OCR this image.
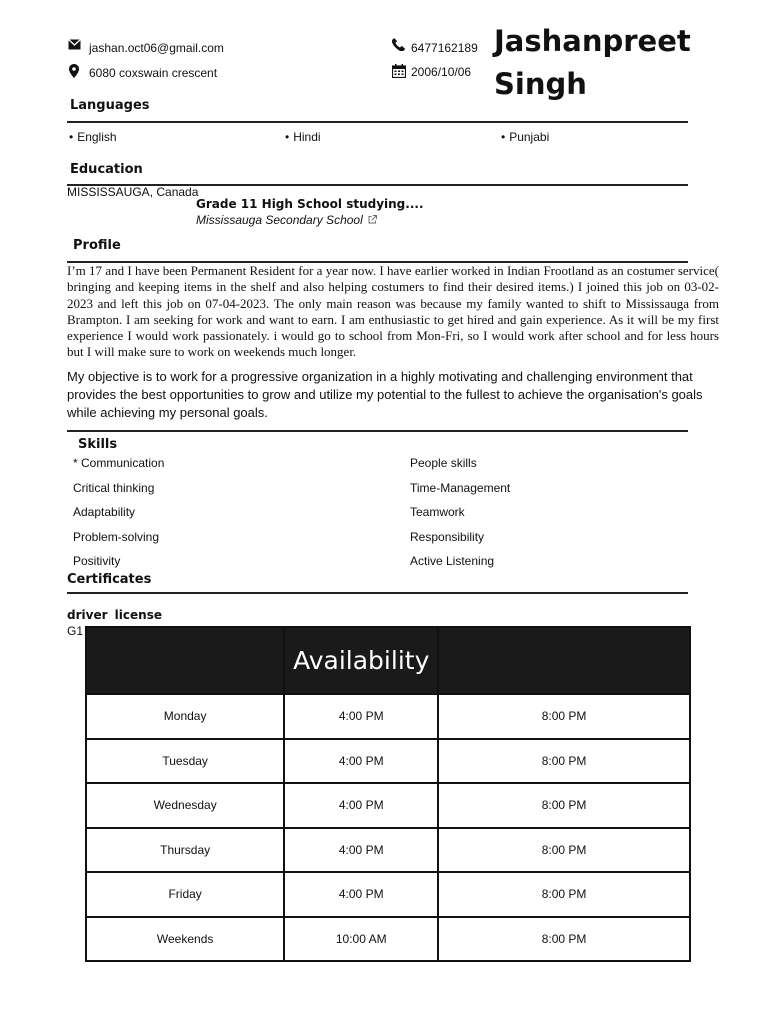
jashan.oct06@gmail.com
6080 coxswain crescent
6477162189
2006/10/06
Jashanpreet
Singh
Languages
• English	• Hindi	• Punjabi
Education
MISSISSAUGA, Canada
Grade 11 High School studying....
Mississauga Secondary School
Profile
I’m 17 and I have been Permanent Resident for a year now. I have earlier worked in Indian Frootland as an costumer service( bringing and keeping items in the shelf and also helping costumers to find their desired items.) I joined this job on 03-02-2023 and left this job on 07-04-2023. The only main reason was because my family wanted to shift to Mississauga from Brampton. I am seeking for work and want to earn. I am enthusiastic to get hired and gain experience. As it will be my first experience I would work passionately. i would go to school from Mon-Fri, so I would work after school and for less hours but I will make sure to work on weekends much longer.
My objective is to work for a progressive organization in a highly motivating and challenging environment that provides the best opportunities to grow and utilize my potential to the fullest to achieve the organisation's goals while achieving my personal goals.
Skills
* Communication
Critical thinking
Adaptability
Problem-solving
Positivity
People skills
Time-Management
Teamwork
Responsibility
Active Listening
Certificates
driver license
G1
	Availability	
Monday	4:00 PM	8:00 PM
Tuesday	4:00 PM	8:00 PM
Wednesday	4:00 PM	8:00 PM
Thursday	4:00 PM	8:00 PM
Friday	4:00 PM	8:00 PM
Weekends	10:00 AM	8:00 PM
